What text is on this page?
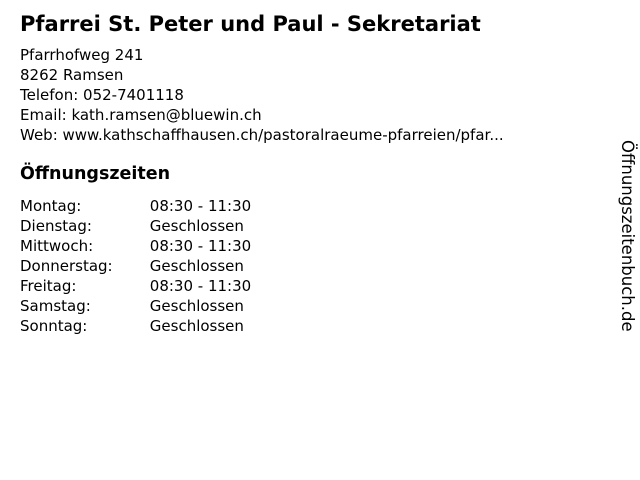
Pfarrei St. Peter und Paul - Sekretariat
Pfarrhofweg 241
8262 Ramsen
Telefon: 052-7401118
Email: kath.ramsen@bluewin.ch
Web: www.kathschaffhausen.ch/pastoralraeume-pfarreien/pfar...
Öffnungszeiten
Montag:	08:30 - 11:30
Dienstag:	Geschlossen
Mittwoch:	08:30 - 11:30
Donnerstag: Geschlossen
Freitag:	08:30 - 11:30
Samstag:	Geschlossen
Sonntag:	Geschlossen	Öffnungszeitenbuch.de
